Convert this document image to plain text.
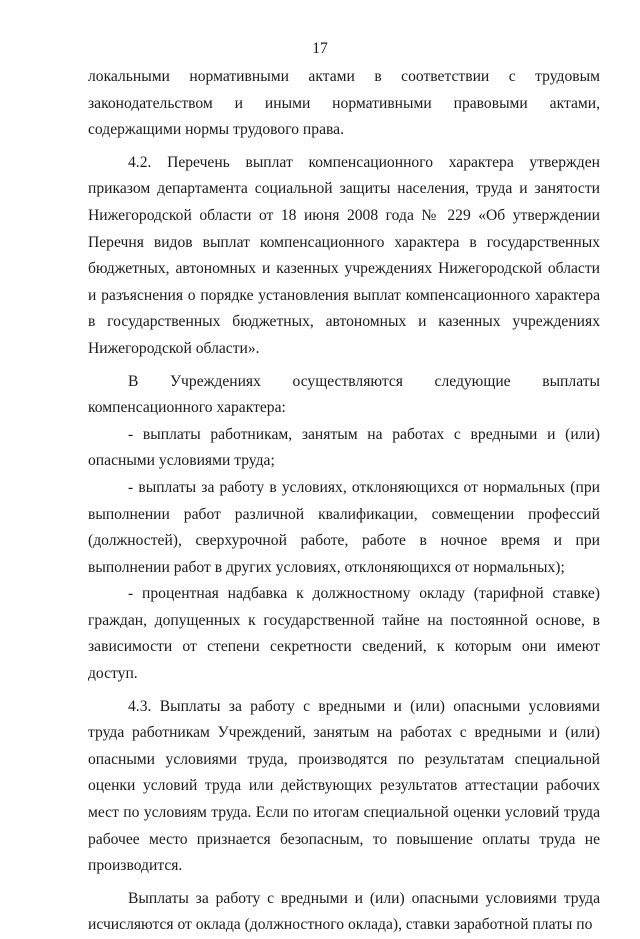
17

локальными нормативными актами в соответствии с трудовым законодательством и иными нормативными правовыми актами, содержащими нормы трудового права.

4.2. Перечень выплат компенсационного характера утвержден приказом департамента социальной защиты населения, труда и занятости Нижегородской области от 18 июня 2008 года № 229 «Об утверждении Перечня видов выплат компенсационного характера в государственных бюджетных, автономных и казенных учреждениях Нижегородской области и разъяснения о порядке установления выплат компенсационного характера в государственных бюджетных, автономных и казенных учреждениях Нижегородской области».

В Учреждениях осуществляются следующие выплаты компенсационного характера:

- выплаты работникам, занятым на работах с вредными и (или) опасными условиями труда;

- выплаты за работу в условиях, отклоняющихся от нормальных (при выполнении работ различной квалификации, совмещении профессий (должностей), сверхурочной работе, работе в ночное время и при выполнении работ в других условиях, отклоняющихся от нормальных);

- процентная надбавка к должностному окладу (тарифной ставке) граждан, допущенных к государственной тайне на постоянной основе, в зависимости от степени секретности сведений, к которым они имеют доступ.

4.3. Выплаты за работу с вредными и (или) опасными условиями труда работникам Учреждений, занятым на работах с вредными и (или) опасными условиями труда, производятся по результатам специальной оценки условий труда или действующих результатов аттестации рабочих мест по условиям труда. Если по итогам специальной оценки условий труда рабочее место признается безопасным, то повышение оплаты труда не производится.

Выплаты за работу с вредными и (или) опасными условиями труда исчисляются от оклада (должностного оклада), ставки заработной платы по
